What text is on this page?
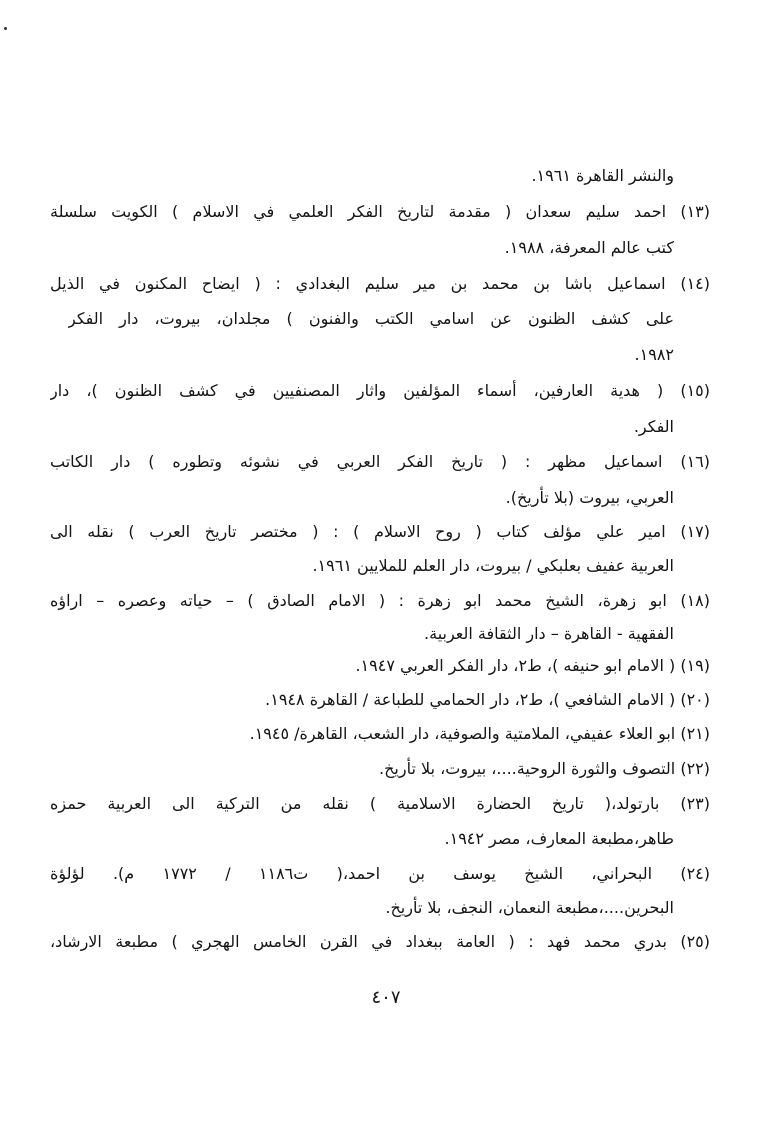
والنشر القاهرة ١٩٦١.
(١٣) احمد سليم سعدان ( مقدمة لتاريخ الفكر العلمي في الاسلام ) الكويت سلسلة
كتب عالم المعرفة، ١٩٨٨.
(١٤) اسماعيل باشا بن محمد بن مير سليم البغدادي : ( ايضاح المكنون في الذيل
على كشف الظنون عن اسامي الكتب والفنون ) مجلدان، بيروت، دار الفكر
١٩٨٢.
(١٥) ( هدية العارفين، أسماء المؤلفين واثار المصنفيين في كشف الظنون )، دار
الفكر.
(١٦) اسماعيل مظهر : ( تاريخ الفكر العربي في نشوئه وتطوره ) دار الكاتب
العربي، بيروت (بلا تأريخ).
(١٧) امير علي مؤلف كتاب ( روح الاسلام ) : ( مختصر تاريخ العرب ) نقله الى
العربية عفيف بعلبكي / بيروت، دار العلم للملايين ١٩٦١.
(١٨) ابو زهرة، الشيخ محمد ابو زهرة : ( الامام الصادق ) – حياته وعصره – اراؤه
الفقهية - القاهرة – دار الثقافة العربية.
(١٩) ( الامام ابو حنيفه )، ط٢، دار الفكر العربي ١٩٤٧.
(٢٠) ( الامام الشافعي )، ط٢، دار الحمامي للطباعة / القاهرة ١٩٤٨.
(٢١) ابو العلاء عفيفي، الملامتية والصوفية، دار الشعب، القاهرة/ ١٩٤٥.
(٢٢) التصوف والثورة الروحية....، بيروت، بلا تأريخ.
(٢٣) بارتولد،( تاريخ الحضارة الاسلامية ) نقله من التركية الى العربية حمزه
طاهر،مطبعة المعارف، مصر ١٩٤٢.
(٢٤) البحراني، الشيخ يوسف بن احمد،( ت١١٨٦ / ١٧٧٢ م). لؤلؤة
البحرين....،مطبعة النعمان، النجف، بلا تأريخ.
(٢٥) بدري محمد فهد : ( العامة ببغداد في القرن الخامس الهجري ) مطبعة الارشاد،
٤٠٧
